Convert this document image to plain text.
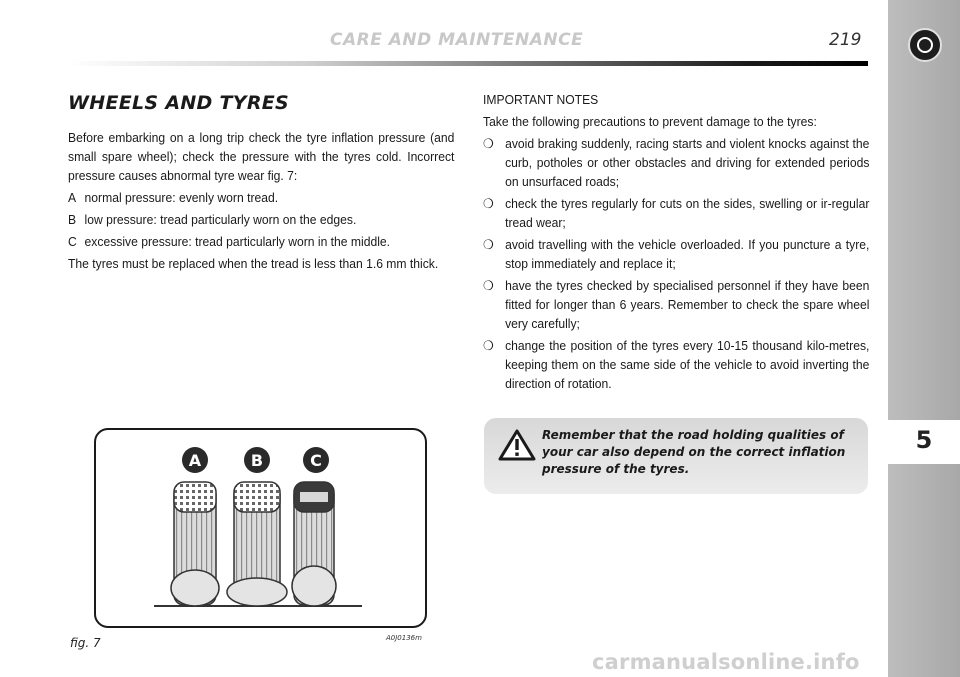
CARE AND MAINTENANCE	219
5
WHEELS AND TYRES

Before embarking on a long trip check the tyre inflation pressure (and small spare wheel); check the pressure with the tyres cold. Incorrect pressure causes abnormal tyre wear fig. 7:

A normal pressure: evenly worn tread.
B low pressure: tread particularly worn on the edges.
C excessive pressure: tread particularly worn in the middle.

The tyres must be replaced when the tread is less than 1.6 mm thick.

IMPORTANT NOTES

Take the following precautions to prevent damage to the tyres:

❍ avoid braking suddenly, racing starts and violent knocks against the curb, potholes or other obstacles and driving for extended periods on unsurfaced roads;
❍ check the tyres regularly for cuts on the sides, swelling or ir-regular tread wear;
❍ avoid travelling with the vehicle overloaded. If you puncture a tyre, stop immediately and replace it;
❍ have the tyres checked by specialised personnel if they have been fitted for longer than 6 years. Remember to check the spare wheel very carefully;
❍ change the position of the tyres every 10-15 thousand kilo-metres, keeping them on the same side of the vehicle to avoid inverting the direction of rotation.
Remember that the road holding qualities of your car also depend on the correct inflation pressure of the tyres.
A	B	C
fig. 7	A0J0136m
carmanualsonline.info
